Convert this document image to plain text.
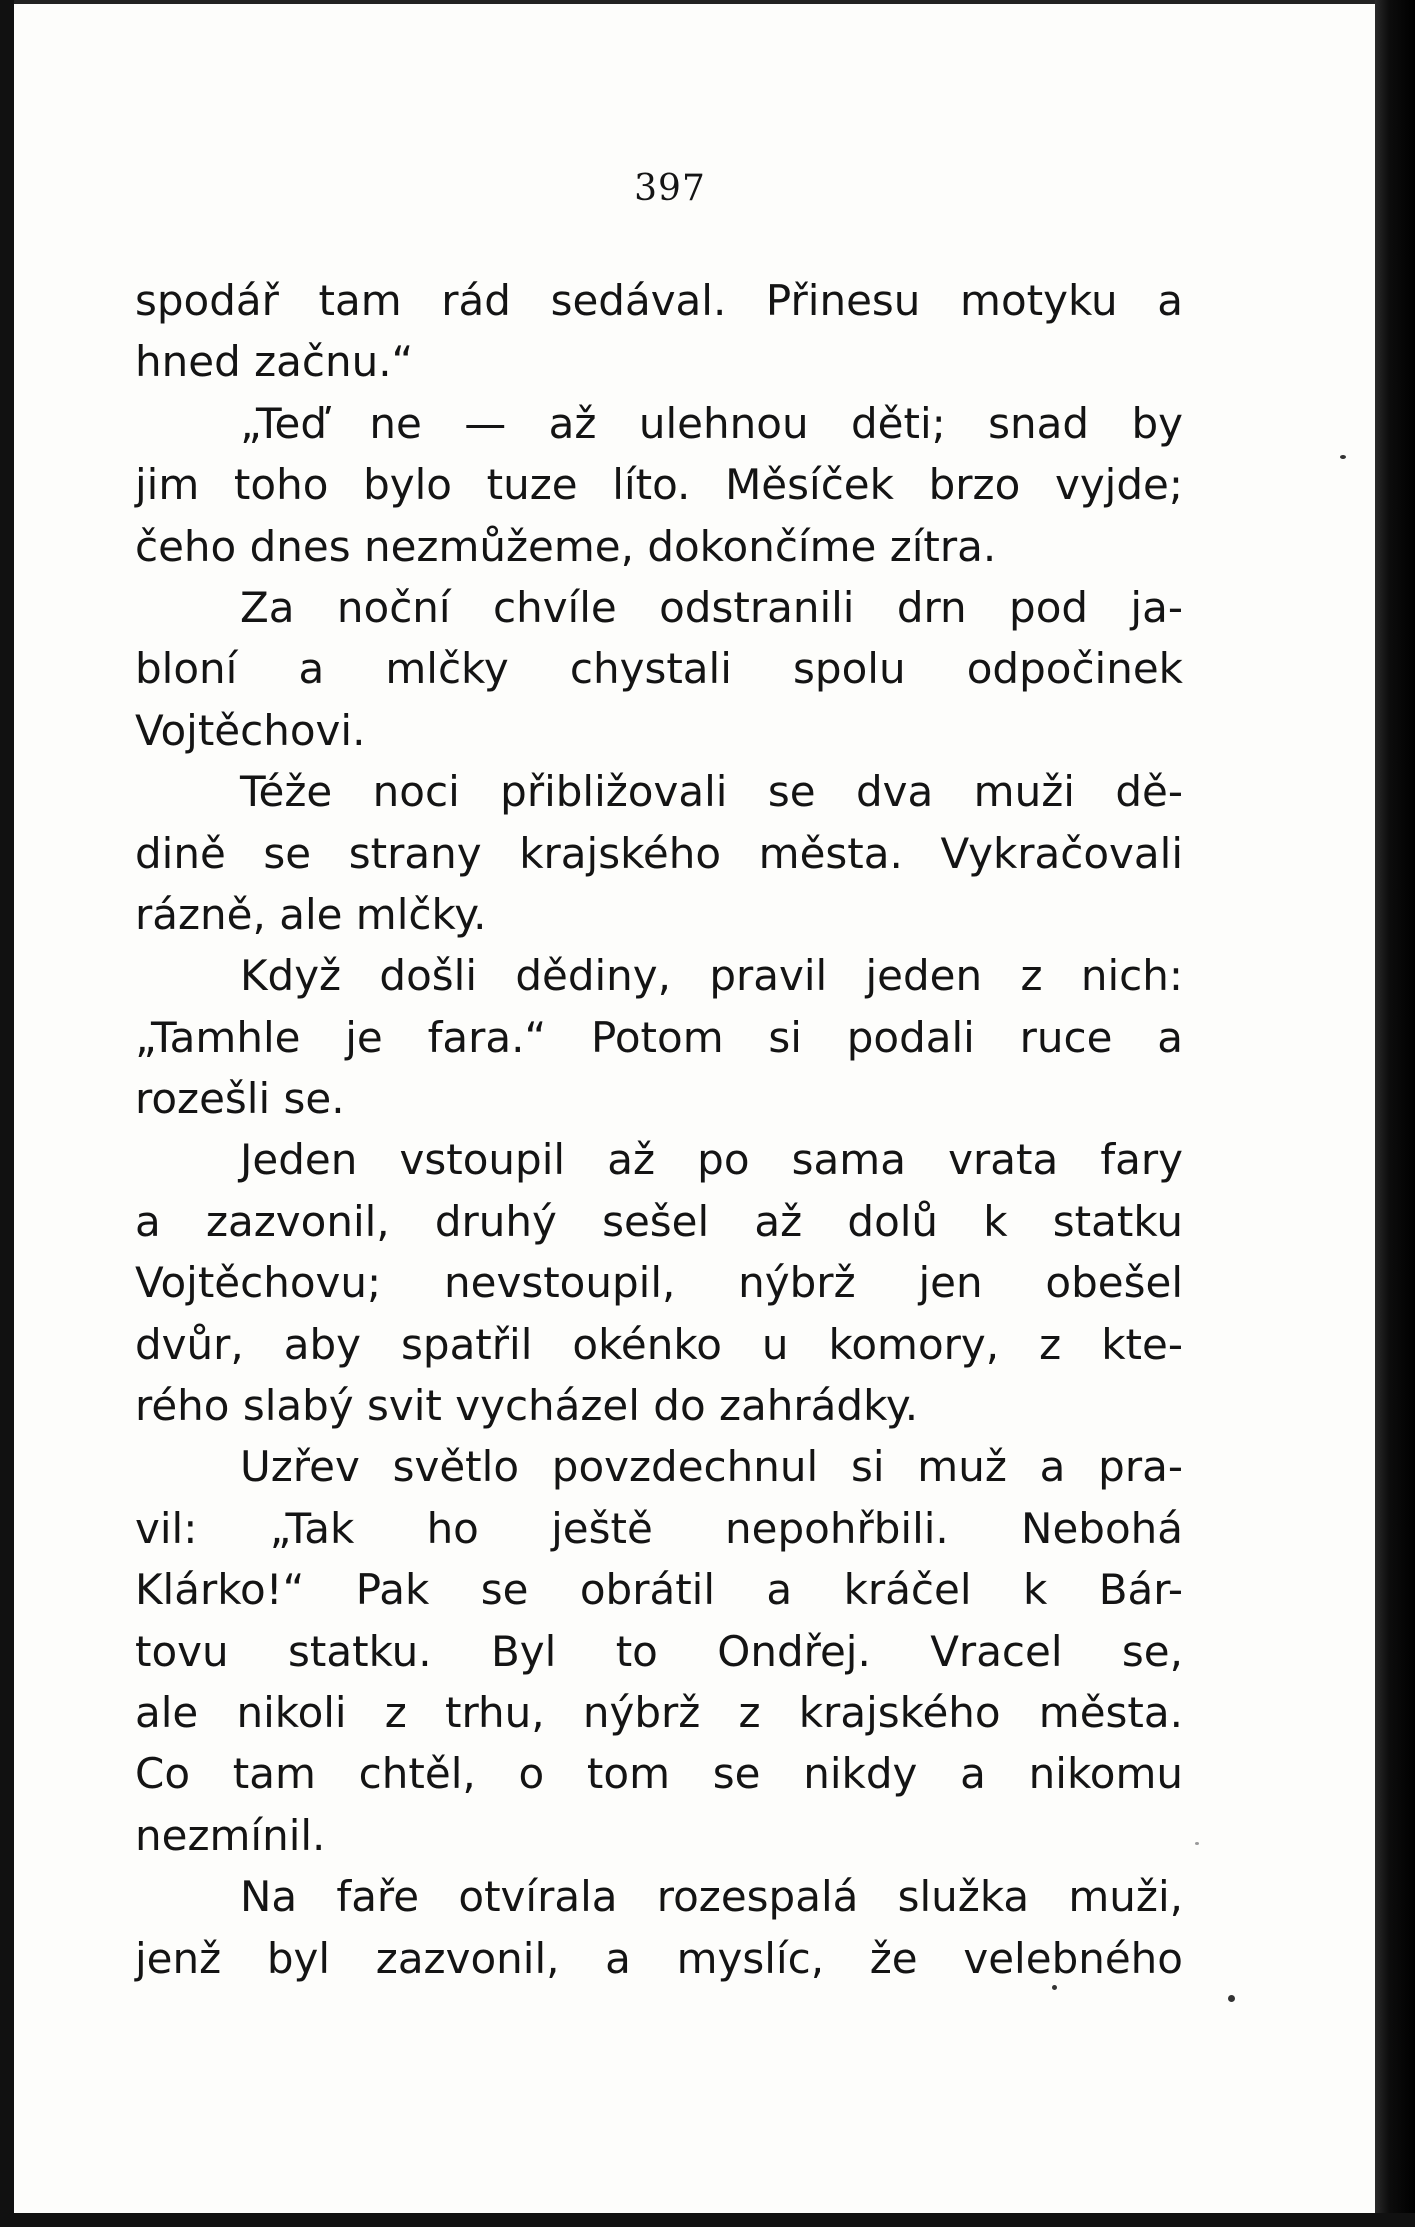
397
spodář tam rád sedával. Přinesu motyku a
hned začnu.“
„Teď ne — až ulehnou děti; snad by
jim toho bylo tuze líto. Měsíček brzo vyjde;
čeho dnes nezmůžeme, dokončíme zítra.
Za noční chvíle odstranili drn pod ja-
bloní a mlčky chystali spolu odpočinek
Vojtěchovi.
Téže noci přibližovali se dva muži dě-
dině se strany krajského města. Vykračovali
rázně, ale mlčky.
Když došli dědiny, pravil jeden z nich:
„Tamhle je fara.“ Potom si podali ruce a
rozešli se.
Jeden vstoupil až po sama vrata fary
a zazvonil, druhý sešel až dolů k statku
Vojtěchovu; nevstoupil, nýbrž jen obešel
dvůr, aby spatřil okénko u komory, z kte-
rého slabý svit vycházel do zahrádky.
Uzřev světlo povzdechnul si muž a pra-
vil: „Tak ho ještě nepohřbili. Nebohá
Klárko!“ Pak se obrátil a kráčel k Bár-
tovu statku. Byl to Ondřej. Vracel se,
ale nikoli z trhu, nýbrž z krajského města.
Co tam chtěl, o tom se nikdy a nikomu
nezmínil.
Na faře otvírala rozespalá služka muži,
jenž byl zazvonil, a myslíc, že velebného
